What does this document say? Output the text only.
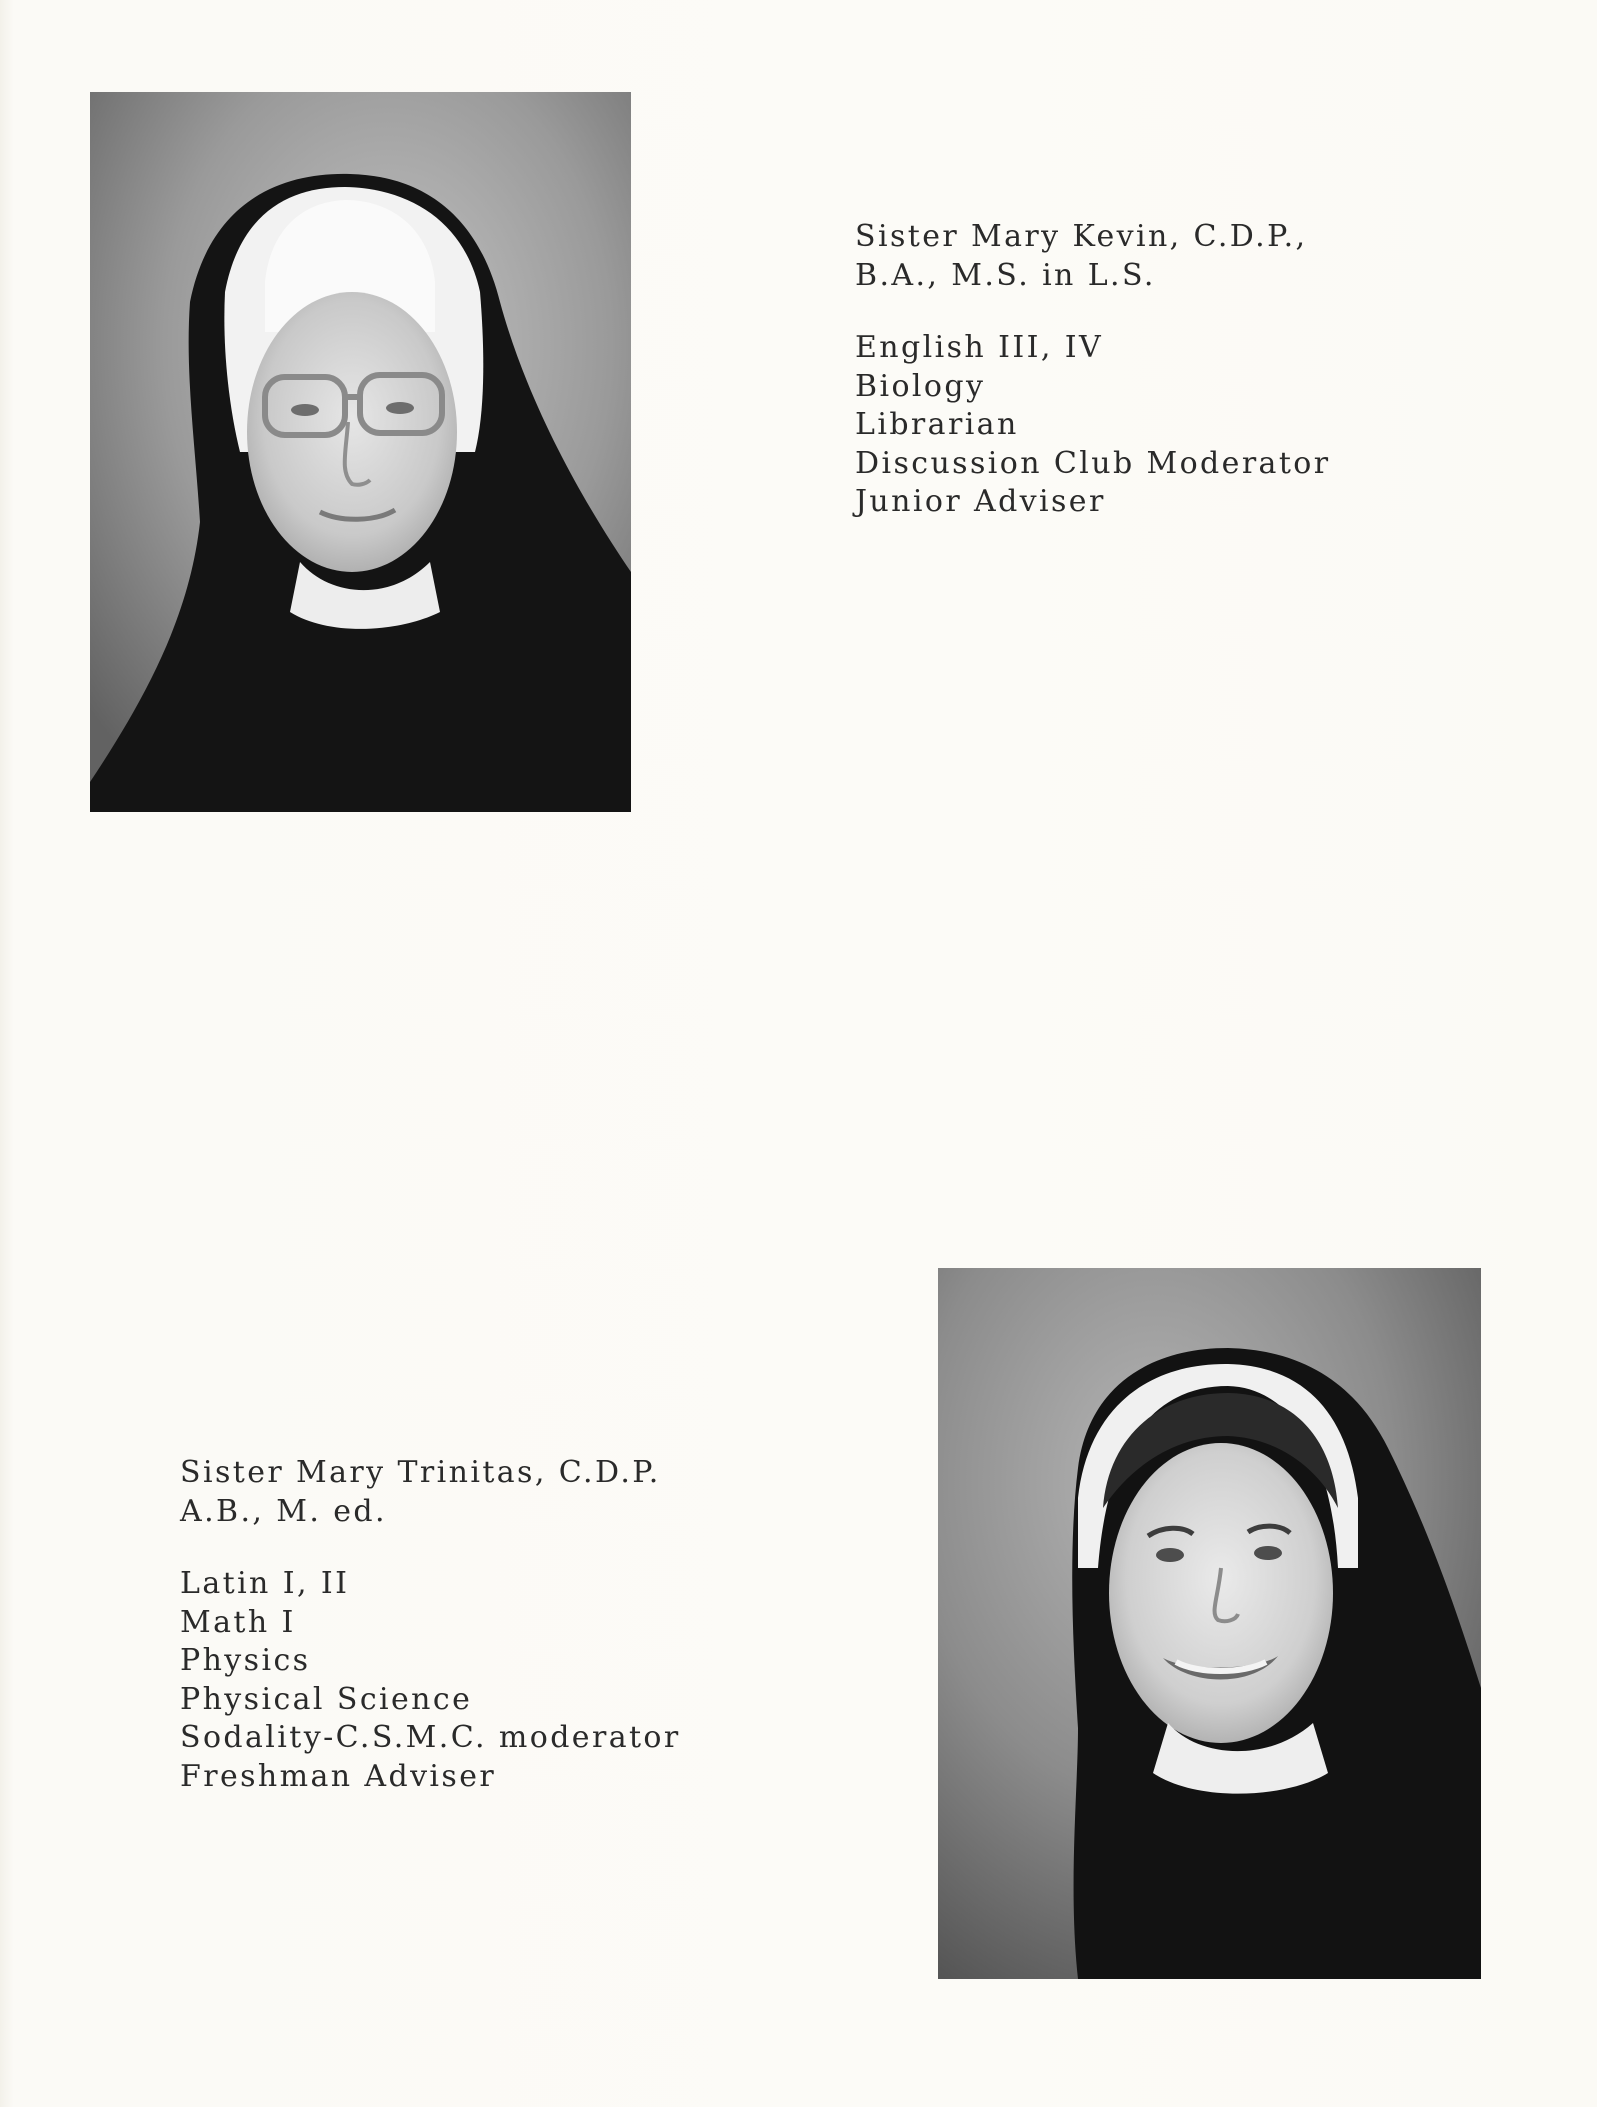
Sister Mary Kevin, C.D.P.,
B.A., M.S. in L.S.
English III, IV
Biology
Librarian
Discussion Club Moderator
Junior Adviser
Sister Mary Trinitas, C.D.P.
A.B., M. ed.
Latin I, II
Math I
Physics
Physical Science
Sodality-C.S.M.C. moderator
Freshman Adviser
